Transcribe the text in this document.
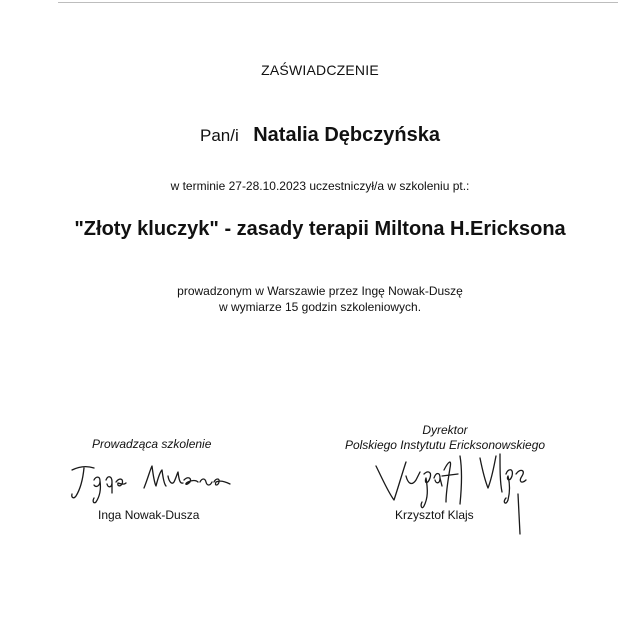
ZAŚWIADCZENIE
Pan/i Natalia Dębczyńska
w terminie 27-28.10.2023 uczestniczył/a w szkoleniu pt.:
"Złoty kluczyk" - zasady terapii Miltona H.Ericksona
prowadzonym w Warszawie przez Ingę Nowak-Duszę
w wymiarze 15 godzin szkoleniowych.
Prowadząca szkolenie
Dyrektor
Polskiego Instytutu Ericksonowskiego
Inga Nowak-Dusza	Krzysztof Klajs
